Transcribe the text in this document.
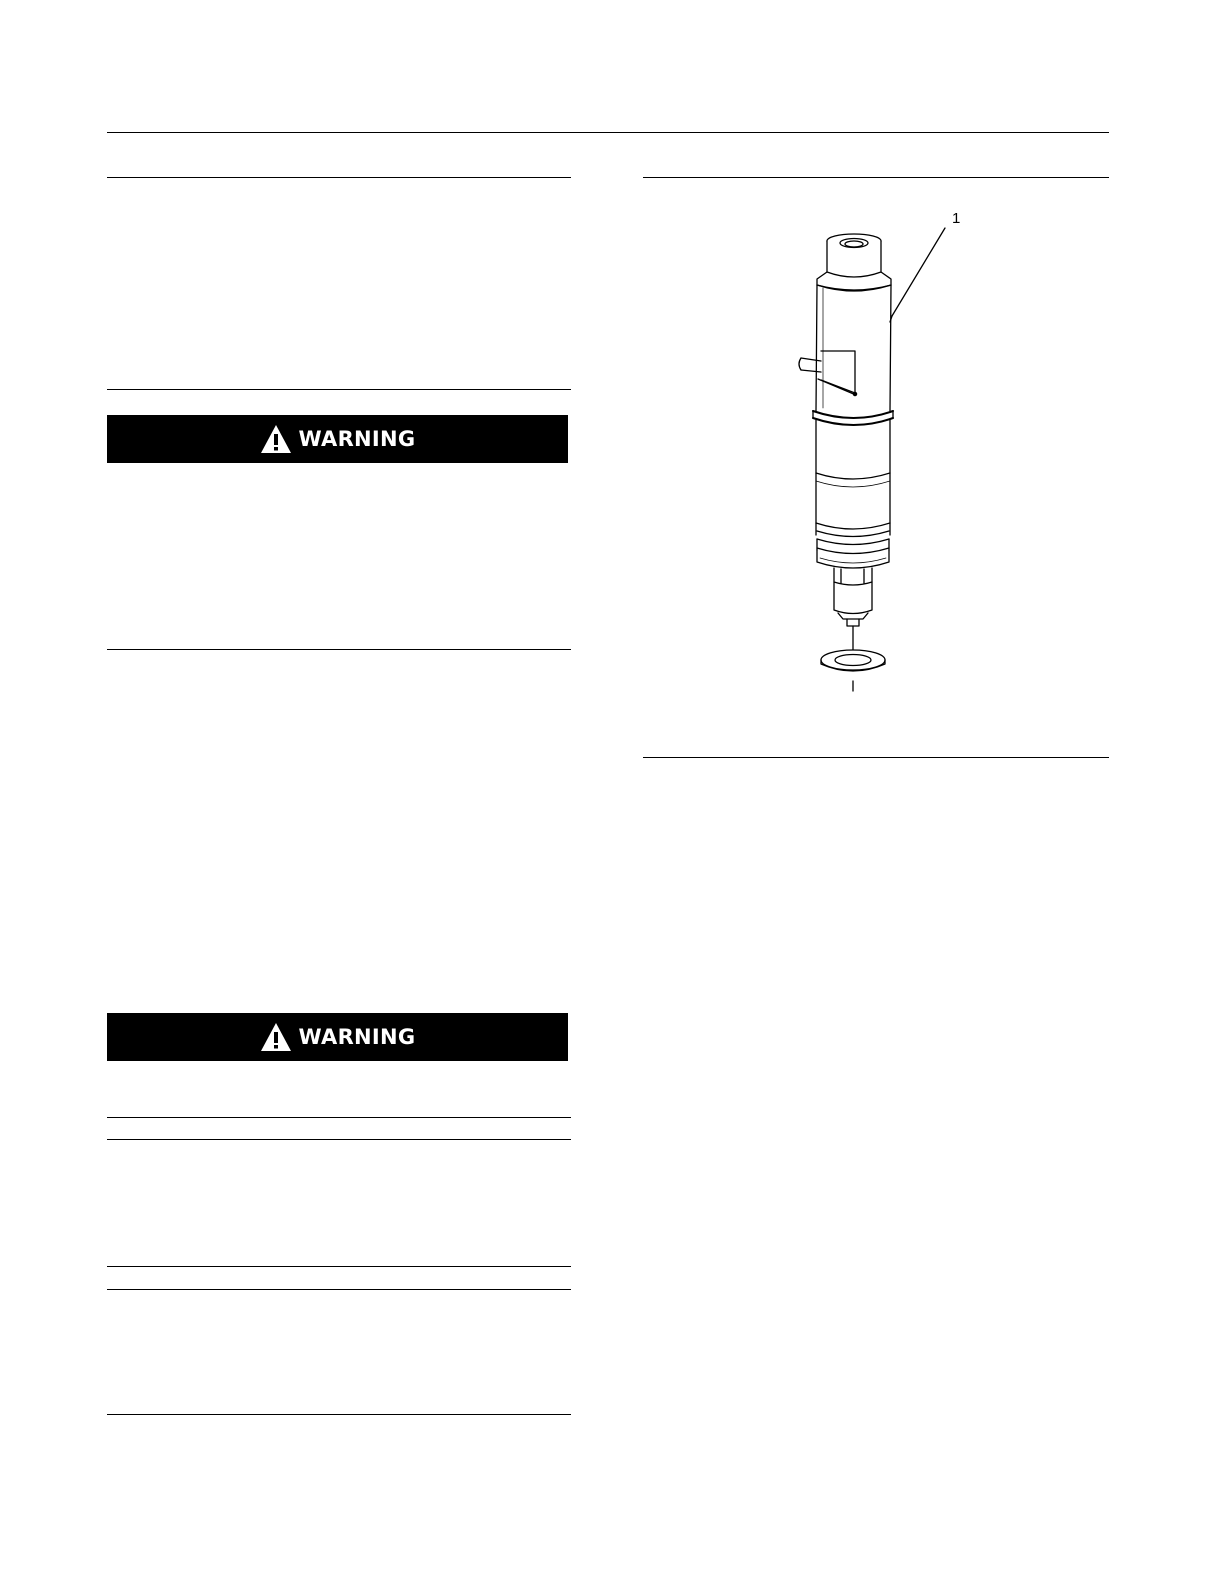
WARNING
WARNING
1
